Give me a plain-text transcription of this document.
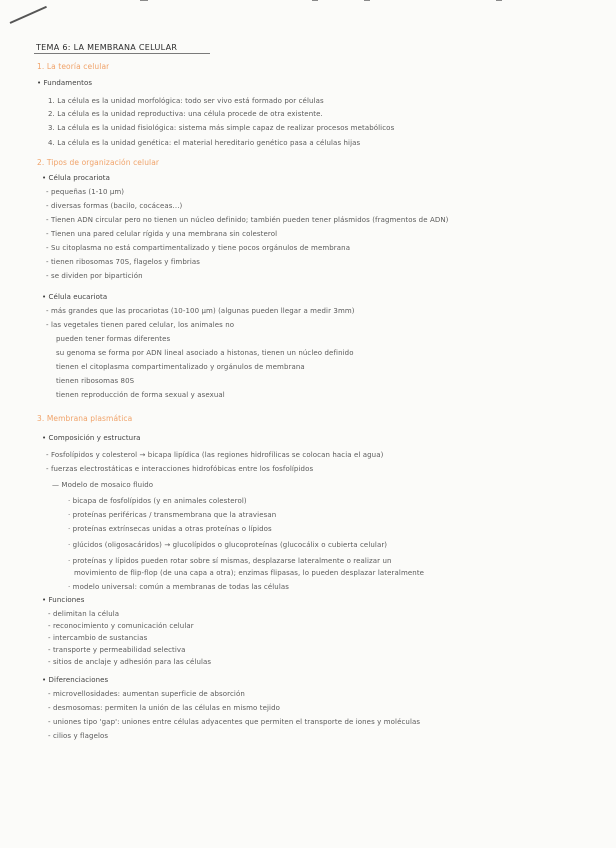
TEMA 6: LA MEMBRANA CELULAR
1. La teoría celular
• Fundamentos
1. La célula es la unidad morfológica: todo ser vivo está formado por células
2. La célula es la unidad reproductiva: una célula procede de otra existente.
3. La célula es la unidad fisiológica: sistema más simple capaz de realizar procesos metabólicos
4. La célula es la unidad genética: el material hereditario genético pasa a células hijas
2. Tipos de organización celular
• Célula procariota
- pequeñas (1-10 μm)
- diversas formas (bacilo, cocáceas...)
- Tienen ADN circular pero no tienen un núcleo definido; también pueden tener plásmidos (fragmentos de ADN)
- Tienen una pared celular rígida y una membrana sin colesterol
- Su citoplasma no está compartimentalizado y tiene pocos orgánulos de membrana
- tienen ribosomas 70S, flagelos y fimbrias
- se dividen por bipartición
• Célula eucariota
- más grandes que las procariotas (10-100 μm) (algunas pueden llegar a medir 3mm)
- las vegetales tienen pared celular, los animales no
pueden tener formas diferentes
su genoma se forma por ADN lineal asociado a histonas, tienen un núcleo definido
tienen el citoplasma compartimentalizado y orgánulos de membrana
tienen ribosomas 80S
tienen reproducción de forma sexual y asexual
3. Membrana plasmática
• Composición y estructura
- Fosfolípidos y colesterol → bicapa lipídica (las regiones hidrofílicas se colocan hacia el agua)
- fuerzas electrostáticas e interacciones hidrofóbicas entre los fosfolípidos
— Modelo de mosaico fluido
· bicapa de fosfolípidos (y en animales colesterol)
· proteínas periféricas / transmembrana que la atraviesan
· proteínas extrínsecas unidas a otras proteínas o lípidos
· glúcidos (oligosacáridos) → glucolípidos o glucoproteínas (glucocálix o cubierta celular)
· proteínas y lípidos pueden rotar sobre sí mismas, desplazarse lateralmente o realizar un
movimiento de flip-flop (de una capa a otra); enzimas flipasas, lo pueden desplazar lateralmente
· modelo universal: común a membranas de todas las células
• Funciones
- delimitan la célula
- reconocimiento y comunicación celular
- intercambio de sustancias
- transporte y permeabilidad selectiva
- sitios de anclaje y adhesión para las células
• Diferenciaciones
- microvellosidades: aumentan superficie de absorción
- desmosomas: permiten la unión de las células en mismo tejido
- uniones tipo 'gap': uniones entre células adyacentes que permiten el transporte de iones y moléculas
- cilios y flagelos
